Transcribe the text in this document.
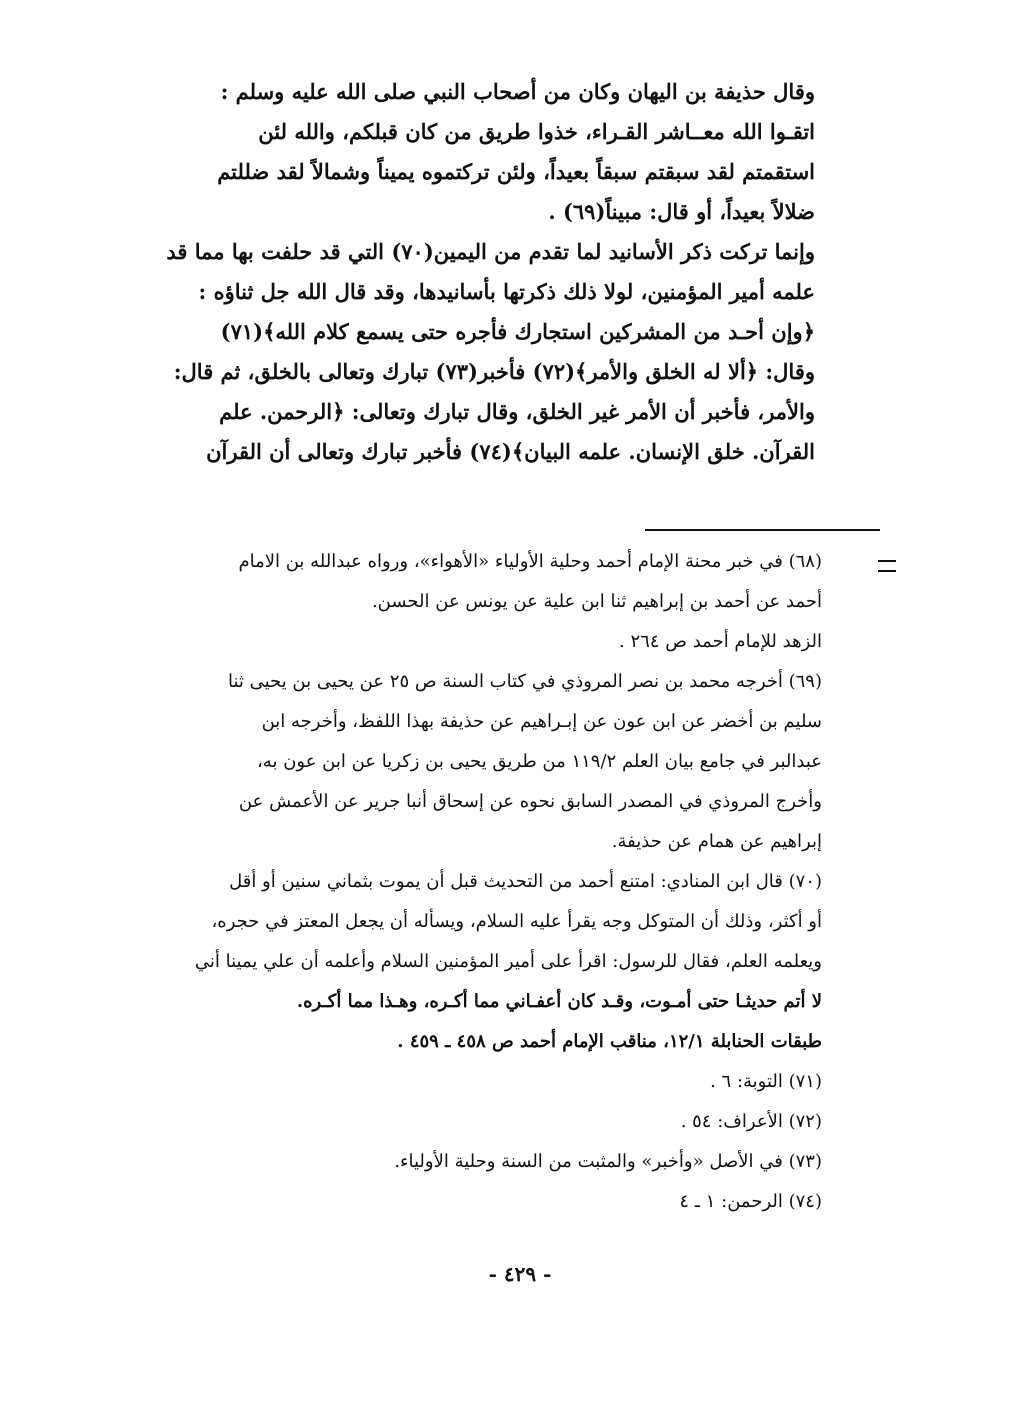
وقال حذيفة بن اليهان وكان من أصحاب النبي صلى الله عليه وسلم :
اتقـوا الله معــاشر القـراء، خذوا طريق من كان قبلكم، والله لئن
استقمتم لقد سبقتم سبقاً بعيداً، ولئن تركتموه يميناً وشمالاً لقد ضللتم
ضلالاً بعيداً، أو قال: مبيناً(٦٩) .
وإنما تركت ذكر الأسانيد لما تقدم من اليمين(٧٠) التي قد حلفت بها مما قد
علمه أمير المؤمنين، لولا ذلك ذكرتها بأسانيدها، وقد قال الله جل ثناؤه :
﴿وإن أحـد من المشركين استجارك فأجره حتى يسمع كلام الله﴾(٧١)
وقال: ﴿ألا له الخلق والأمر﴾(٧٢) فأخبر(٧٣) تبارك وتعالى بالخلق، ثم قال:
والأمر، فأخبر أن الأمر غير الخلق، وقال تبارك وتعالى: ﴿الرحمن. علم
القرآن. خلق الإنسان. علمه البيان﴾(٧٤) فأخبر تبارك وتعالى أن القرآن
(٦٨) في خبر محنة الإمام أحمد وحلية الأولياء «الأهواء»، ورواه عبدالله بن الامام
أحمد عن أحمد بن إبراهيم ثنا ابن علية عن يونس عن الحسن.
الزهد للإمام أحمد ص ٢٦٤ .
(٦٩) أخرجه محمد بن نصر المروذي في كتاب السنة ص ٢٥ عن يحيى بن يحيى ثنا
سليم بن أخضر عن ابن عون عن إبـراهيم عن حذيفة بهذا اللفظ، وأخرجه ابن
عبدالبر في جامع بيان العلم ١١٩/٢ من طريق يحيى بن زكريا عن ابن عون به،
وأخرج المروذي في المصدر السابق نحوه عن إسحاق أنبا جرير عن الأعمش عن
إبراهيم عن همام عن حذيفة.
(٧٠) قال ابن المنادي: امتنع أحمد من التحديث قبل أن يموت بثماني سنين أو أقل
أو أكثر، وذلك أن المتوكل وجه يقرأ عليه السلام، ويسأله أن يجعل المعتز في حجره،
ويعلمه العلم، فقال للرسول: اقرأ على أمير المؤمنين السلام وأعلمه أن علي يمينا أني
لا أتم حديثـا حتى أمـوت، وقـد كان أعفـاني مما أكـره، وهـذا مما أكـره.
طبقات الحنابلة ١٢/١، مناقب الإمام أحمد ص ٤٥٨ ـ ٤٥٩ .
(٧١) التوبة: ٦ .
(٧٢) الأعراف: ٥٤ .
(٧٣) في الأصل «وأخبر» والمثبت من السنة وحلية الأولياء.
(٧٤) الرحمن: ١ ـ ٤
- ٤٢٩ -
